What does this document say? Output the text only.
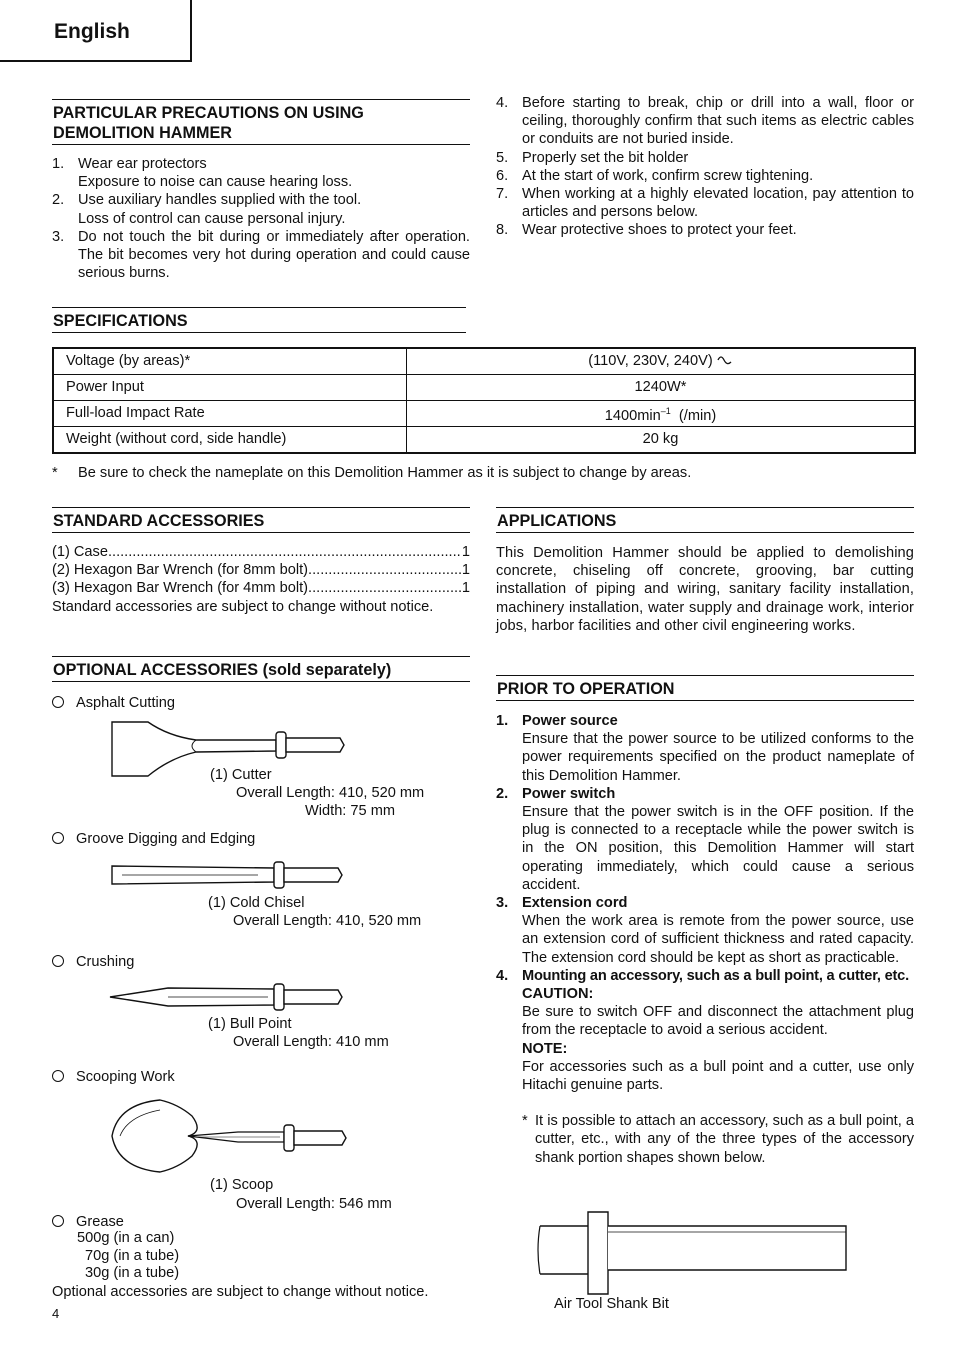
English
PARTICULAR PRECAUTIONS ON USING
DEMOLITION HAMMER
1. Wear ear protectors
Exposure to noise can cause hearing loss.
2. Use auxiliary handles supplied with the tool.
Loss of control can cause personal injury.
3. Do not touch the bit during or immediately after operation. The bit becomes very hot during operation and could cause serious burns.
4. Before starting to break, chip or drill into a wall, floor or ceiling, thoroughly confirm that such items as electric cables or conduits are not buried inside.
5. Properly set the bit holder
6. At the start of work, confirm screw tightening.
7. When working at a highly elevated location, pay attention to articles and persons below.
8. Wear protective shoes to protect your feet.
SPECIFICATIONS
Voltage (by areas)*	(110V, 230V, 240V)
Power Input	1240W*
Full-load Impact Rate	$1400\min^{-1}$  (/min)
Weight (without cord, side handle)	20 kg
* Be sure to check the nameplate on this Demolition Hammer as it is subject to change by areas.
STANDARD ACCESSORIES
(1) Case .....	1
(2) Hexagon Bar Wrench (for 8mm bolt) .....	1
(3) Hexagon Bar Wrench (for 4mm bolt) .....	1
Standard accessories are subject to change without notice.
OPTIONAL ACCESSORIES (sold separately)
Asphalt Cutting
(1) Cutter
Overall Length: 410, 520 mm
Width: 75 mm
Groove Digging and Edging
(1) Cold Chisel
Overall Length: 410, 520 mm
Crushing
(1) Bull Point
Overall Length: 410 mm
Scooping Work
(1) Scoop
Overall Length: 546 mm
Grease
500g (in a can)
70g (in a tube)
30g (in a tube)
Optional accessories are subject to change without notice.
4
APPLICATIONS
This Demolition Hammer should be applied to demolishing concrete, chiseling off concrete, grooving, bar cutting installation of piping and wiring, sanitary facility installation, machinery installation, water supply and drainage work, interior jobs, harbor facilities and other civil engineering works.
PRIOR TO OPERATION
1. Power source
Ensure that the power source to be utilized conforms to the power requirements specified on the product nameplate of this Demolition Hammer.
2. Power switch
Ensure that the power switch is in the OFF position. If the plug is connected to a receptacle while the power switch is in the ON position, this Demolition Hammer will start operating immediately, which could cause a serious accident.
3. Extension cord
When the work area is remote from the power source, use an extension cord of sufficient thickness and rated capacity. The extension cord should be kept as short as practicable.
4. Mounting an accessory, such as a bull point, a cutter, etc.
CAUTION:
Be sure to switch OFF and disconnect the attachment plug from the receptacle to avoid a serious accident.
NOTE:
For accessories such as a bull point and a cutter, use only Hitachi genuine parts.
* It is possible to attach an accessory, such as a bull point, a cutter, etc., with any of the three types of the accessory shank portion shapes shown below.
Air Tool Shank Bit
